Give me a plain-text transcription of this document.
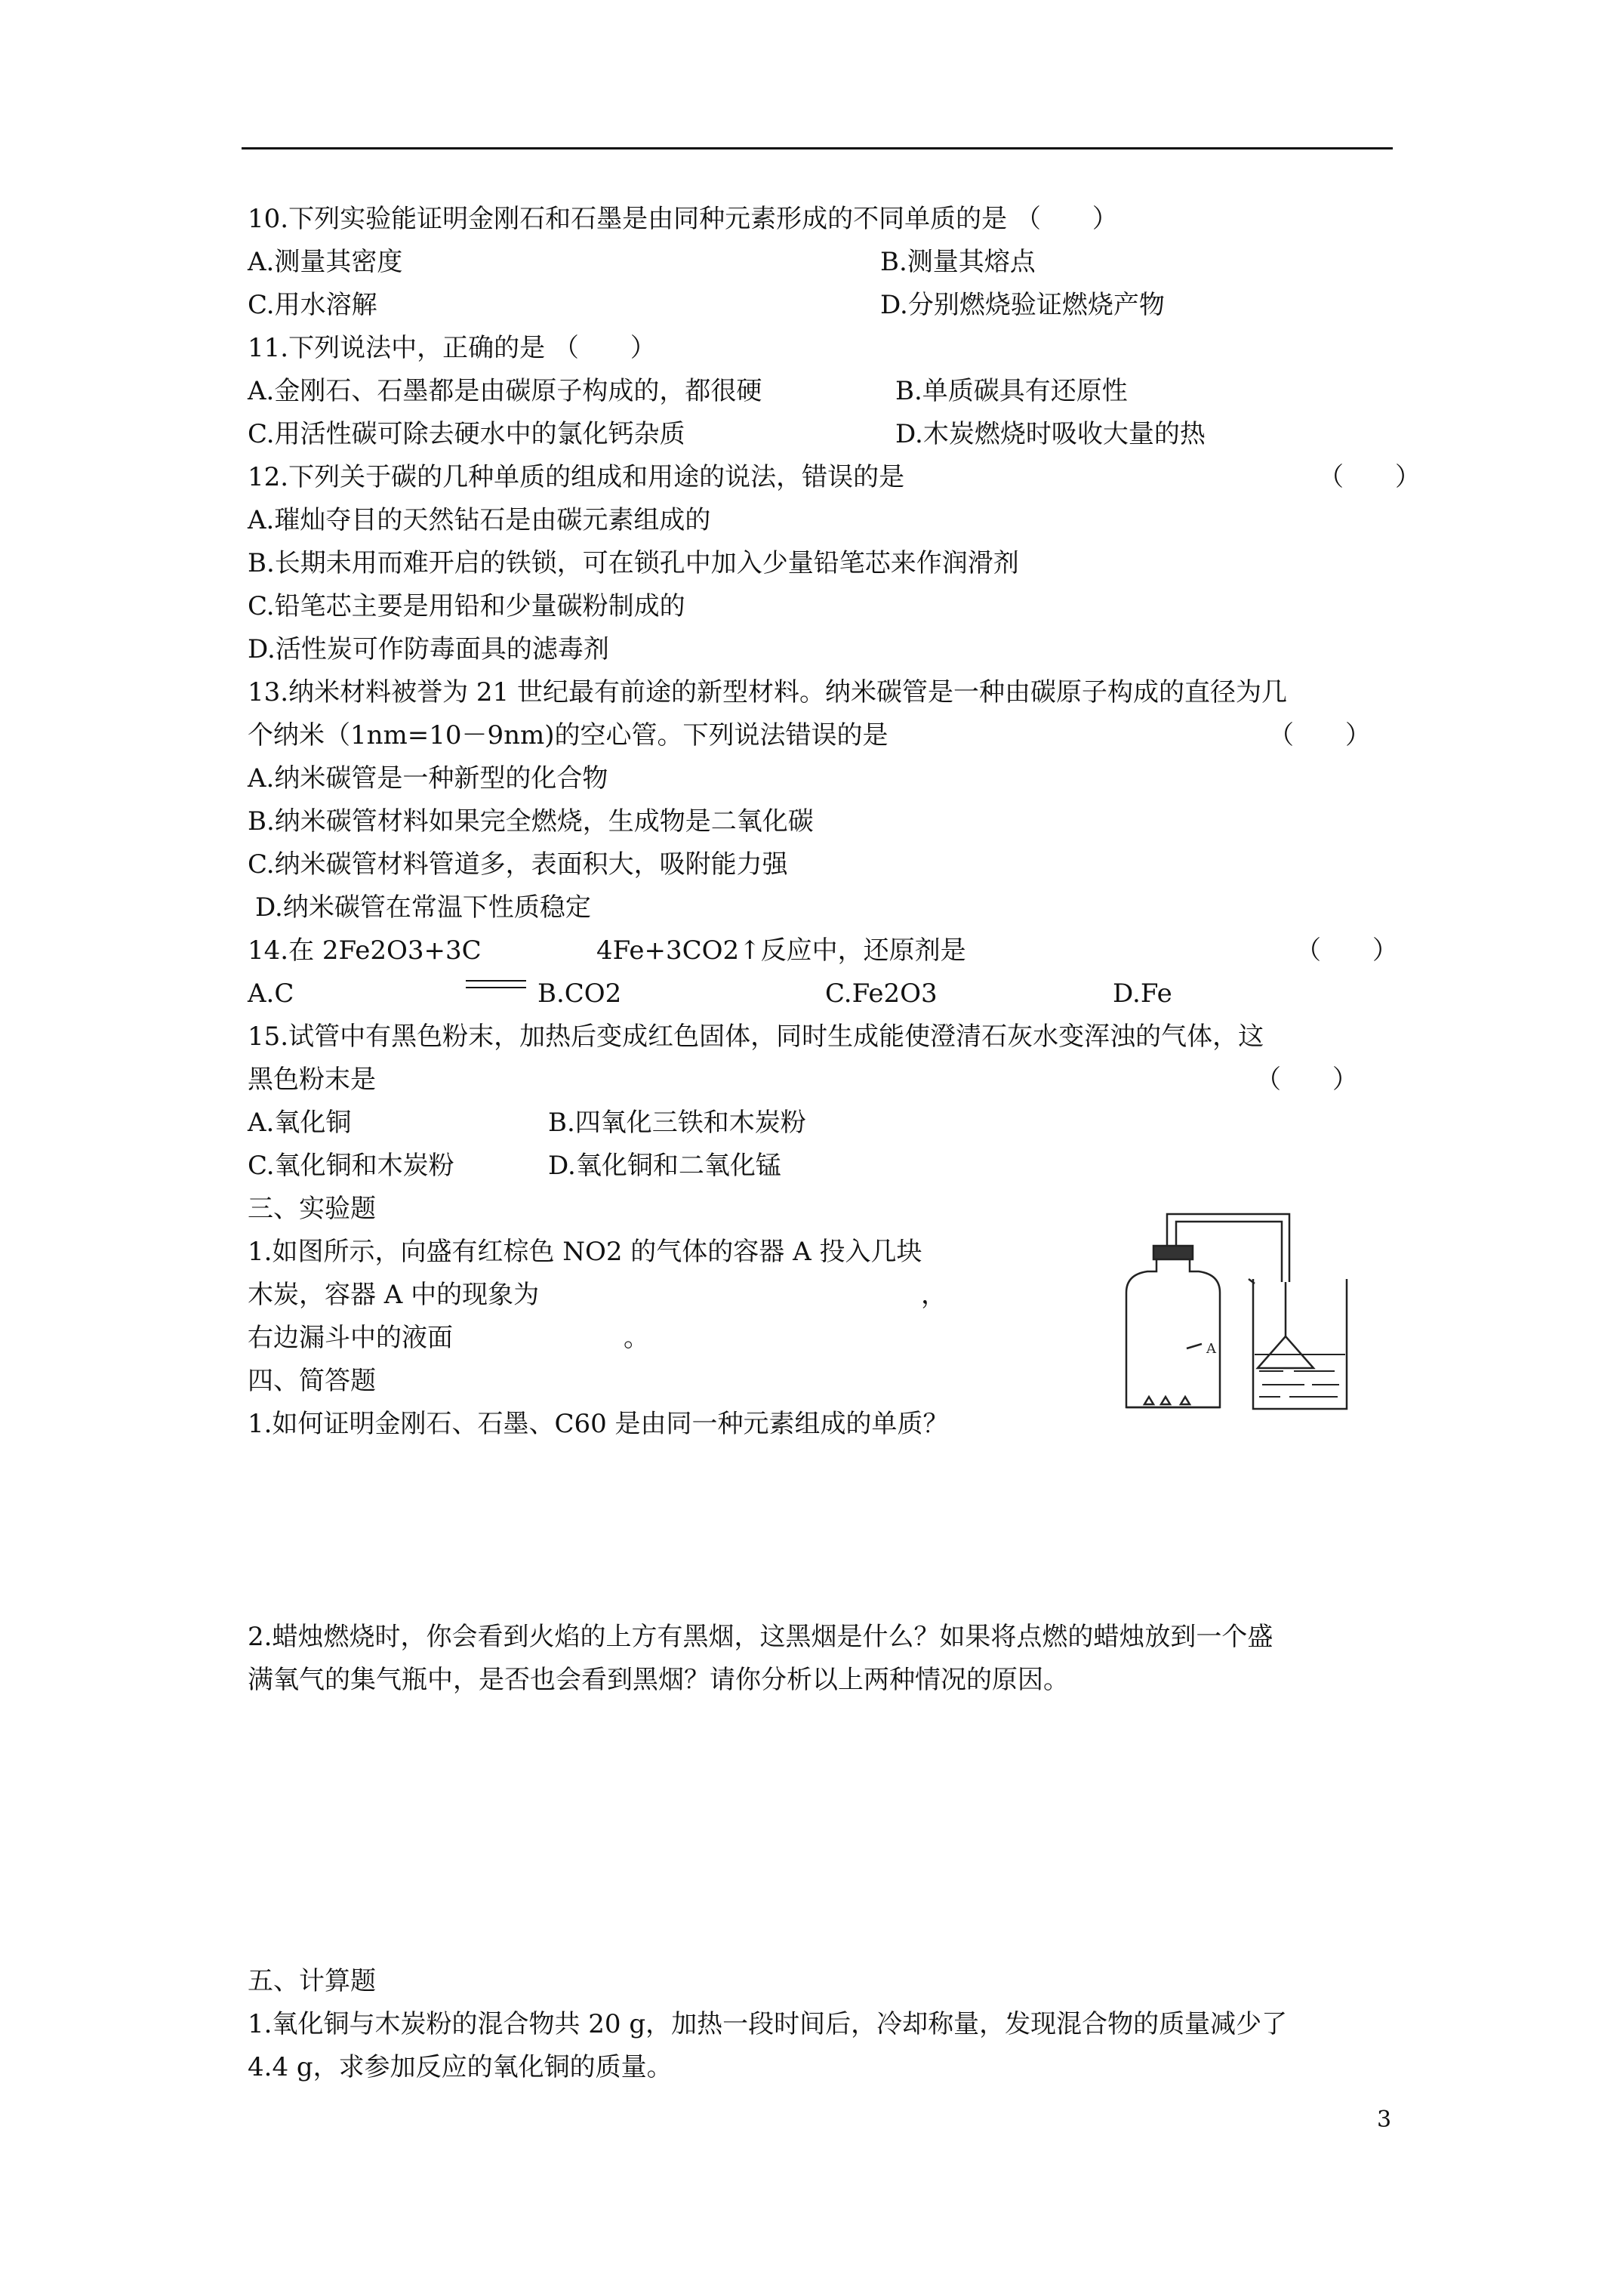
10.下列实验能证明金刚石和石墨是由同种元素形成的不同单质的是 （　　）
A.测量其密度	B.测量其熔点
C.用水溶解	D.分别燃烧验证燃烧产物
11.下列说法中，正确的是 （　　）
A.金刚石、石墨都是由碳原子构成的，都很硬	B.单质碳具有还原性
C.用活性碳可除去硬水中的氯化钙杂质	D.木炭燃烧时吸收大量的热
12.下列关于碳的几种单质的组成和用途的说法，错误的是	（　　）
A.璀灿夺目的天然钻石是由碳元素组成的
B.长期未用而难开启的铁锁，可在锁孔中加入少量铅笔芯来作润滑剂
C.铅笔芯主要是用铅和少量碳粉制成的
D.活性炭可作防毒面具的滤毒剂
13.纳米材料被誉为 21 世纪最有前途的新型材料。纳米碳管是一种由碳原子构成的直径为几
个纳米（1nm=10－9nm)的空心管。下列说法错误的是	（　　）
A.纳米碳管是一种新型的化合物
B.纳米碳管材料如果完全燃烧，生成物是二氧化碳
C.纳米碳管材料管道多，表面积大，吸附能力强
D.纳米碳管在常温下性质稳定
14.在 2Fe2O3+3C	4Fe+3CO2↑反应中，还原剂是	（　　）
A.C	B.CO2	C.Fe2O3	D.Fe
15.试管中有黑色粉末，加热后变成红色固体，同时生成能使澄清石灰水变浑浊的气体，这
黑色粉末是	（　　）
A.氧化铜	B.四氧化三铁和木炭粉
C.氧化铜和木炭粉	D.氧化铜和二氧化锰
三、实验题
1.如图所示，向盛有红棕色 NO2 的气体的容器 A 投入几块
木炭，容器 A 中的现象为	，
右边漏斗中的液面	。	A
四、简答题
1.如何证明金刚石、石墨、C60 是由同一种元素组成的单质？
2.蜡烛燃烧时，你会看到火焰的上方有黑烟，这黑烟是什么？如果将点燃的蜡烛放到一个盛
满氧气的集气瓶中，是否也会看到黑烟？请你分析以上两种情况的原因。
五、计算题
1.氧化铜与木炭粉的混合物共 20 g，加热一段时间后，冷却称量，发现混合物的质量减少了
4.4 g，求参加反应的氧化铜的质量。
3
